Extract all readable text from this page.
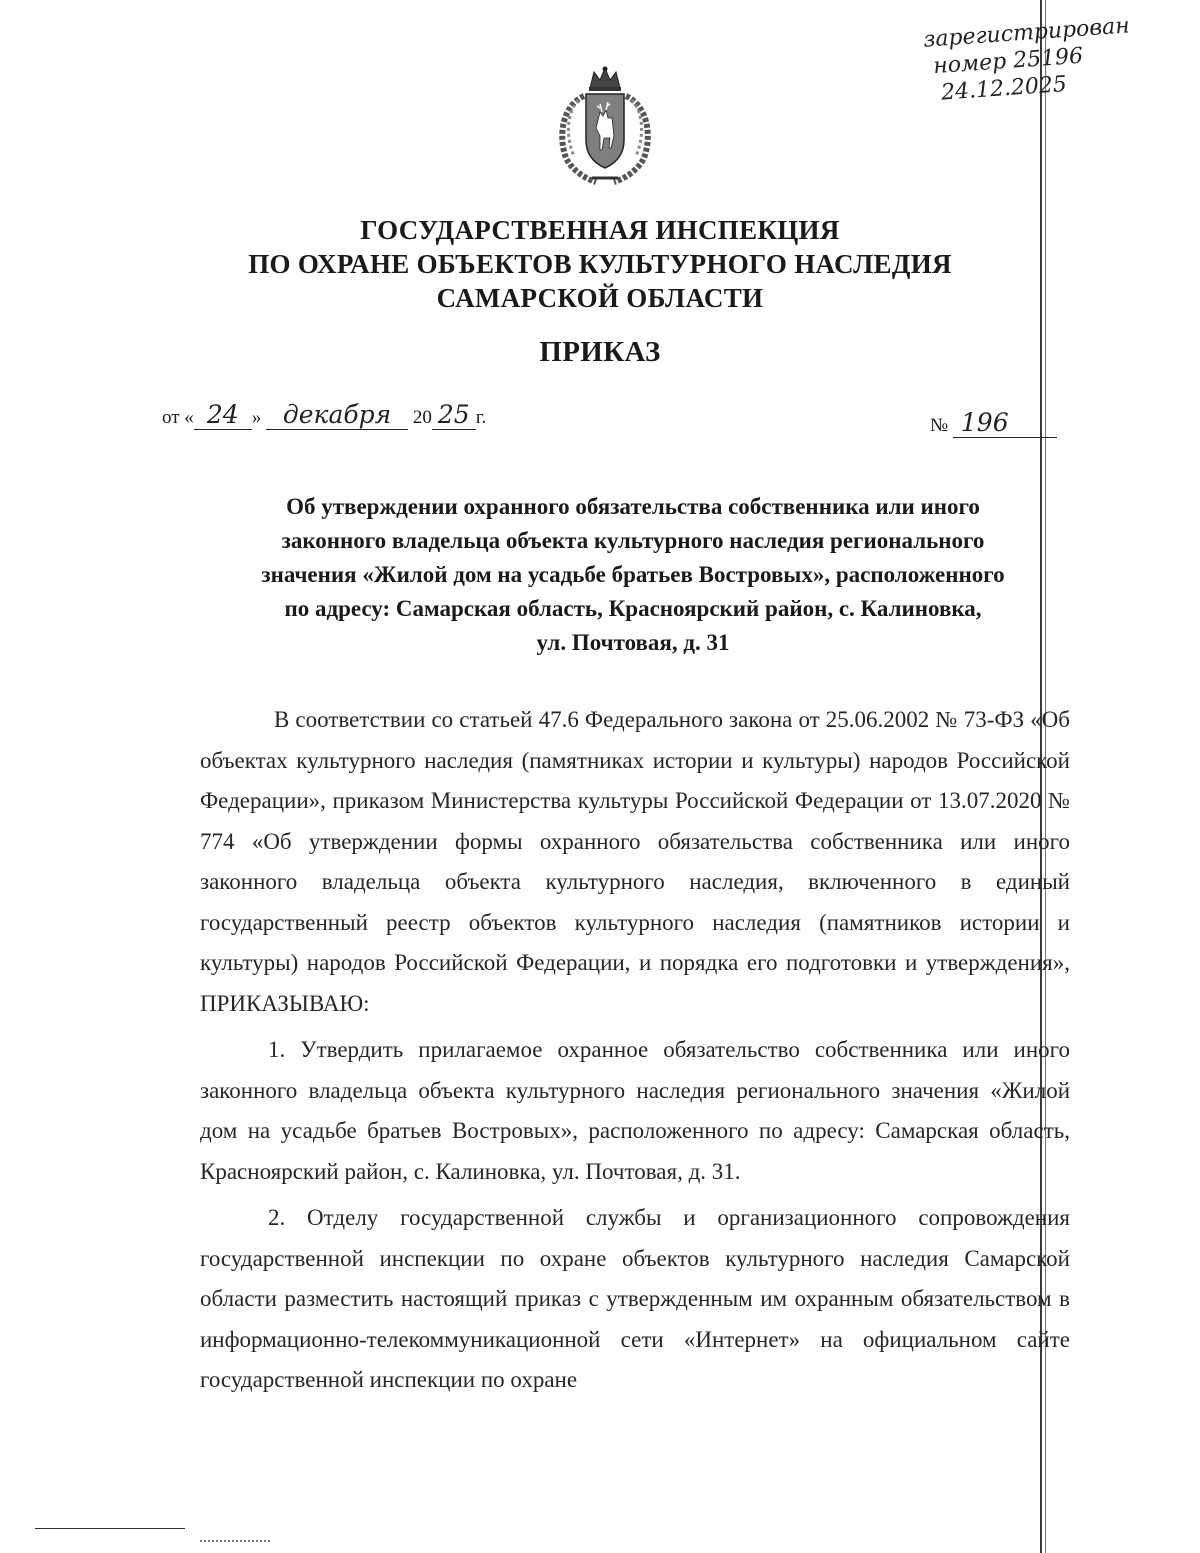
зарегистрирован
номер 25196
24.12.2025
ГОСУДАРСТВЕННАЯ ИНСПЕКЦИЯ
ПО ОХРАНЕ ОБЪЕКТОВ КУЛЬТУРНОГО НАСЛЕДИЯ
САМАРСКОЙ ОБЛАСТИ
ПРИКАЗ
от « 24 » декабря 20 25 г.	№ 196
Об утверждении охранного обязательства собственника или иного
законного владельца объекта культурного наследия регионального
значения «Жилой дом на усадьбе братьев Востровых», расположенного
по адресу: Самарская область, Красноярский район, с. Калиновка,
ул. Почтовая, д. 31

В соответствии со статьей 47.6 Федерального закона от 25.06.2002 № 73-ФЗ «Об объектах культурного наследия (памятниках истории и культуры) народов Российской Федерации», приказом Министерства культуры Российской Федерации от 13.07.2020 № 774 «Об утверждении формы охранного обязательства собственника или иного законного владельца объекта культурного наследия, включенного в единый государственный реестр объектов культурного наследия (памятников истории и культуры) народов Российской Федерации, и порядка его подготовки и утверждения», ПРИКАЗЫВАЮ:

1. Утвердить прилагаемое охранное обязательство собственника или иного законного владельца объекта культурного наследия регионального значения «Жилой дом на усадьбе братьев Востровых», расположенного по адресу: Самарская область, Красноярский район, с. Калиновка, ул. Почтовая, д. 31.

2. Отделу государственной службы и организационного сопровождения государственной инспекции по охране объектов культурного наследия Самарской области разместить настоящий приказ с утвержденным им охранным обязательством в информационно-телекоммуникационной сети «Интернет» на официальном сайте государственной инспекции по охране
